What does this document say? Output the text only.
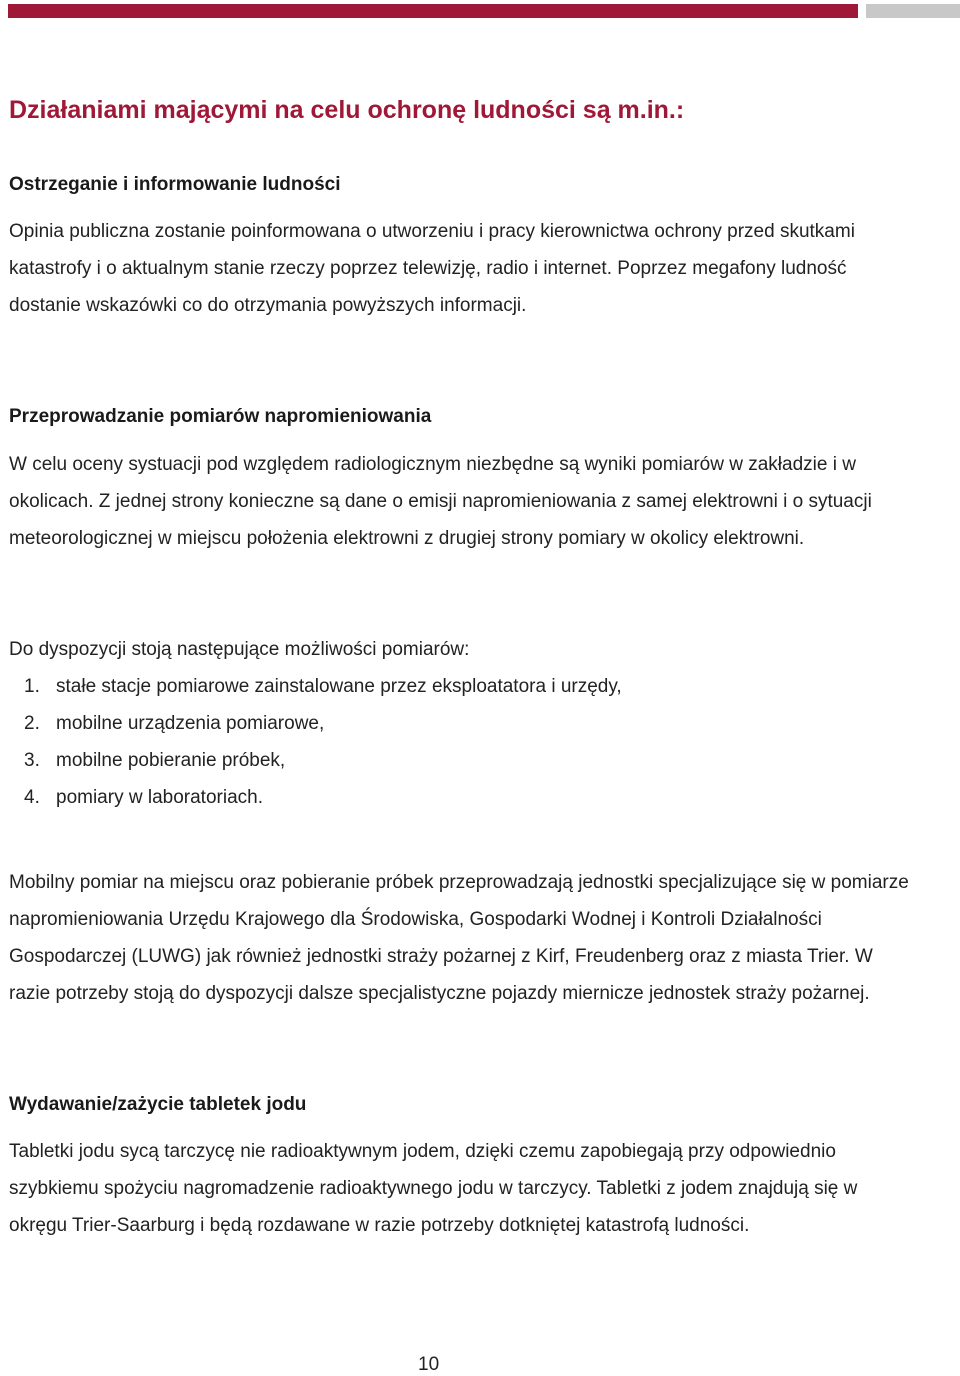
Działaniami mającymi na celu ochronę ludności są m.in.:
Ostrzeganie i informowanie ludności

Opinia publiczna zostanie poinformowana o utworzeniu i pracy kierownictwa ochrony przed skutkami katastrofy i o aktualnym stanie rzeczy poprzez telewizję, radio i internet. Poprzez megafony ludność dostanie wskazówki co do otrzymania powyższych informacji.

Przeprowadzanie pomiarów napromieniowania

W celu oceny systuacji pod względem radiologicznym niezbędne są wyniki pomiarów w zakładzie i w okolicach. Z jednej strony konieczne są dane o emisji napromieniowania z samej elektrowni i o sytuacji meteorologicznej w miejscu położenia elektrowni z drugiej strony pomiary w okolicy elektrowni.

Do dyspozycji stoją następujące możliwości pomiarów:

1. stałe stacje pomiarowe zainstalowane przez eksploatatora i urzędy,
2. mobilne urządzenia pomiarowe,
3. mobilne pobieranie próbek,
4. pomiary w laboratoriach.

Mobilny pomiar na miejscu oraz pobieranie próbek przeprowadzają jednostki specjalizujące się w pomiarze napromieniowania Urzędu Krajowego dla Środowiska, Gospodarki Wodnej i Kontroli Działalności Gospodarczej (LUWG) jak również jednostki straży pożarnej z Kirf, Freudenberg oraz z miasta Trier. W razie potrzeby stoją do dyspozycji dalsze specjalistyczne pojazdy miernicze jednostek straży pożarnej.

Wydawanie/zażycie tabletek jodu

Tabletki jodu sycą tarczycę nie radioaktywnym jodem, dzięki czemu zapobiegają przy odpowiednio szybkiemu spożyciu nagromadzenie radioaktywnego jodu w tarczycy. Tabletki z jodem znajdują się w okręgu Trier-Saarburg i będą rozdawane w razie potrzeby dotkniętej katastrofą ludności.

10
